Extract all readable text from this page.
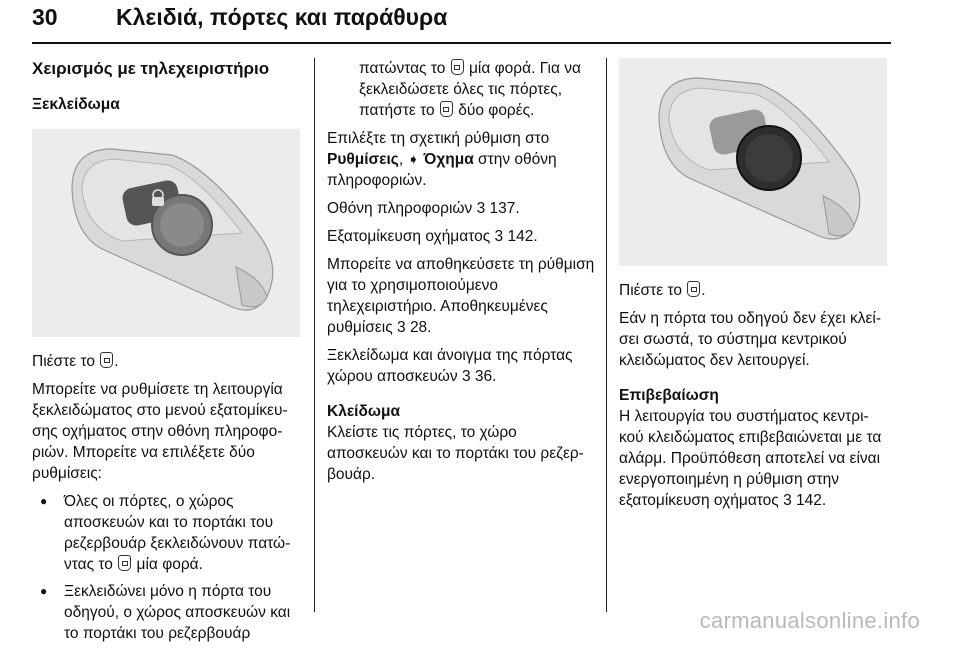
30	Κλειδιά, πόρτες και παράθυρα
Χειρισμός με τηλεχειριστήριο
Ξεκλείδωμα

Πιέστε το .

Μπορείτε να ρυθμίσετε τη λειτουργία ξεκλειδώματος στο μενού εξατομίκευ-σης οχήματος στην οθόνη πληροφο-ριών. Μπορείτε να επιλέξετε δύο ρυθμίσεις:

● Όλες οι πόρτες, ο χώρος αποσκευών και το πορτάκι του ρεζερβουάρ ξεκλειδώνουν πατώ-ντας το μία φορά.
● Ξεκλειδώνει μόνο η πόρτα του οδηγού, ο χώρος αποσκευών και το πορτάκι του ρεζερβουάρ

πατώντας το μία φορά. Για να ξεκλειδώσετε όλες τις πόρτες, πατήστε το δύο φορές.

Επιλέξτε τη σχετική ρύθμιση στο Ρυθμίσεις, ➧ Όχημα στην οθόνη πληροφοριών.

Οθόνη πληροφοριών 3 137.

Εξατομίκευση οχήματος 3 142.

Μπορείτε να αποθηκεύσετε τη ρύθμιση για το χρησιμοποιούμενο τηλεχειριστήριο. Αποθηκευμένες ρυθμίσεις 3 28.

Ξεκλείδωμα και άνοιγμα της πόρτας χώρου αποσκευών 3 36.

Κλείδωμα

Κλείστε τις πόρτες, το χώρο αποσκευών και το πορτάκι του ρεζερ-βουάρ.

Πιέστε το .

Εάν η πόρτα του οδηγού δεν έχει κλεί-σει σωστά, το σύστημα κεντρικού κλειδώματος δεν λειτουργεί.

Επιβεβαίωση

Η λειτουργία του συστήματος κεντρι-κού κλειδώματος επιβεβαιώνεται με τα αλάρμ. Προϋπόθεση αποτελεί να είναι ενεργοποιημένη η ρύθμιση στην εξατομίκευση οχήματος 3 142.

carmanualsonline.info
